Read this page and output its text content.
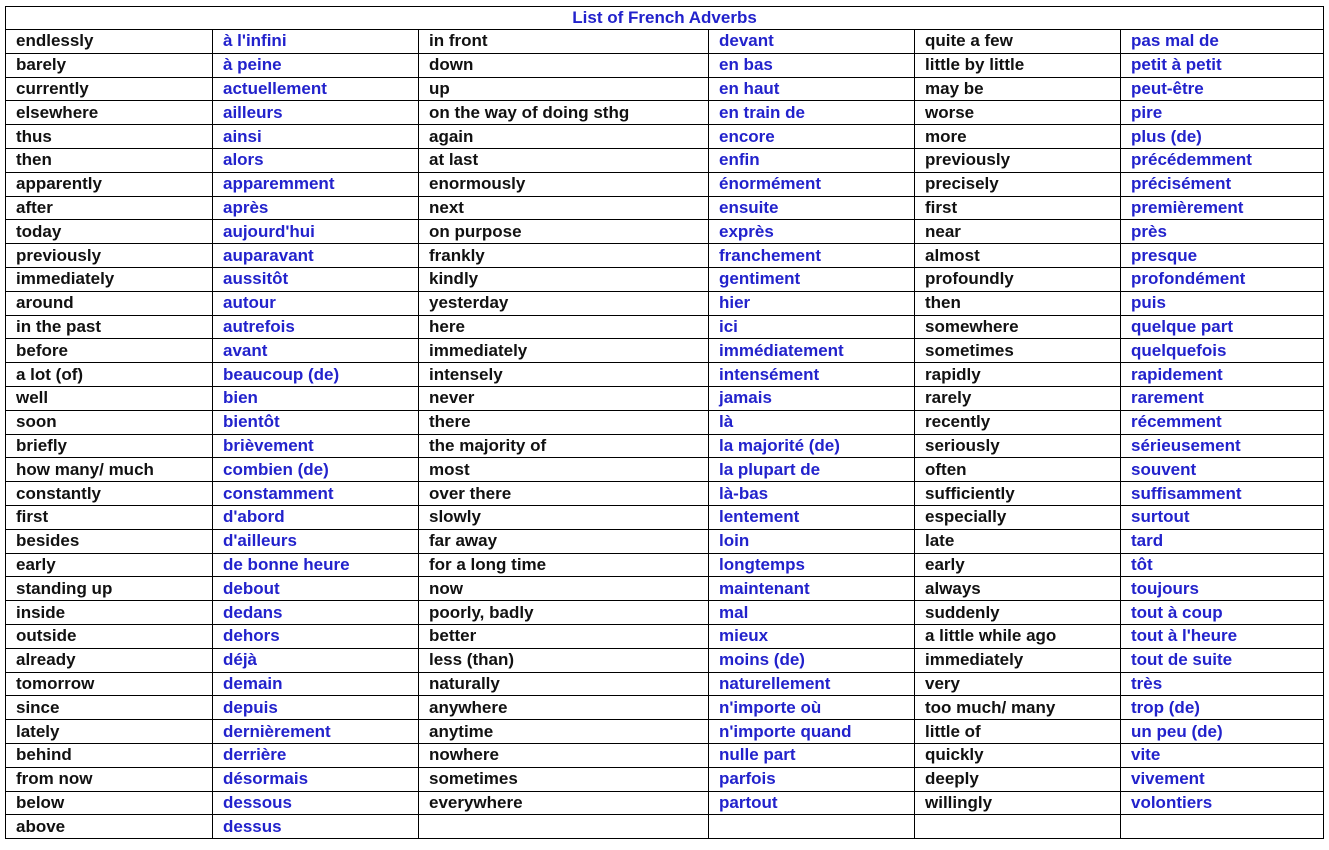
List of French Adverbs					
endlessly	à l'infini	in front	devant	quite a few	pas mal de
barely	à peine	down	en bas	little by little	petit à petit
currently	actuellement	up	en haut	may be	peut-être
elsewhere	ailleurs	on the way of doing sthg	en train de	worse	pire
thus	ainsi	again	encore	more	plus (de)
then	alors	at last	enfin	previously	précédemment
apparently	apparemment	enormously	énormément	precisely	précisément
after	après	next	ensuite	first	premièrement
today	aujourd'hui	on purpose	exprès	near	près
previously	auparavant	frankly	franchement	almost	presque
immediately	aussitôt	kindly	gentiment	profoundly	profondément
around	autour	yesterday	hier	then	puis
in the past	autrefois	here	ici	somewhere	quelque part
before	avant	immediately	immédiatement	sometimes	quelquefois
a lot (of)	beaucoup (de)	intensely	intensément	rapidly	rapidement
well	bien	never	jamais	rarely	rarement
soon	bientôt	there	là	recently	récemment
briefly	brièvement	the majority of	la majorité (de)	seriously	sérieusement
how many/ much	combien (de)	most	la plupart de	often	souvent
constantly	constamment	over there	là-bas	sufficiently	suffisamment
first	d'abord	slowly	lentement	especially	surtout
besides	d'ailleurs	far away	loin	late	tard
early	de bonne heure	for a long time	longtemps	early	tôt
standing up	debout	now	maintenant	always	toujours
inside	dedans	poorly, badly	mal	suddenly	tout à coup
outside	dehors	better	mieux	a little while ago	tout à l'heure
already	déjà	less (than)	moins (de)	immediately	tout de suite
tomorrow	demain	naturally	naturellement	very	très
since	depuis	anywhere	n'importe où	too much/ many	trop (de)
lately	dernièrement	anytime	n'importe quand	little of	un peu (de)
behind	derrière	nowhere	nulle part	quickly	vite
from now	désormais	sometimes	parfois	deeply	vivement
below	dessous	everywhere	partout	willingly	volontiers
above	dessus				
